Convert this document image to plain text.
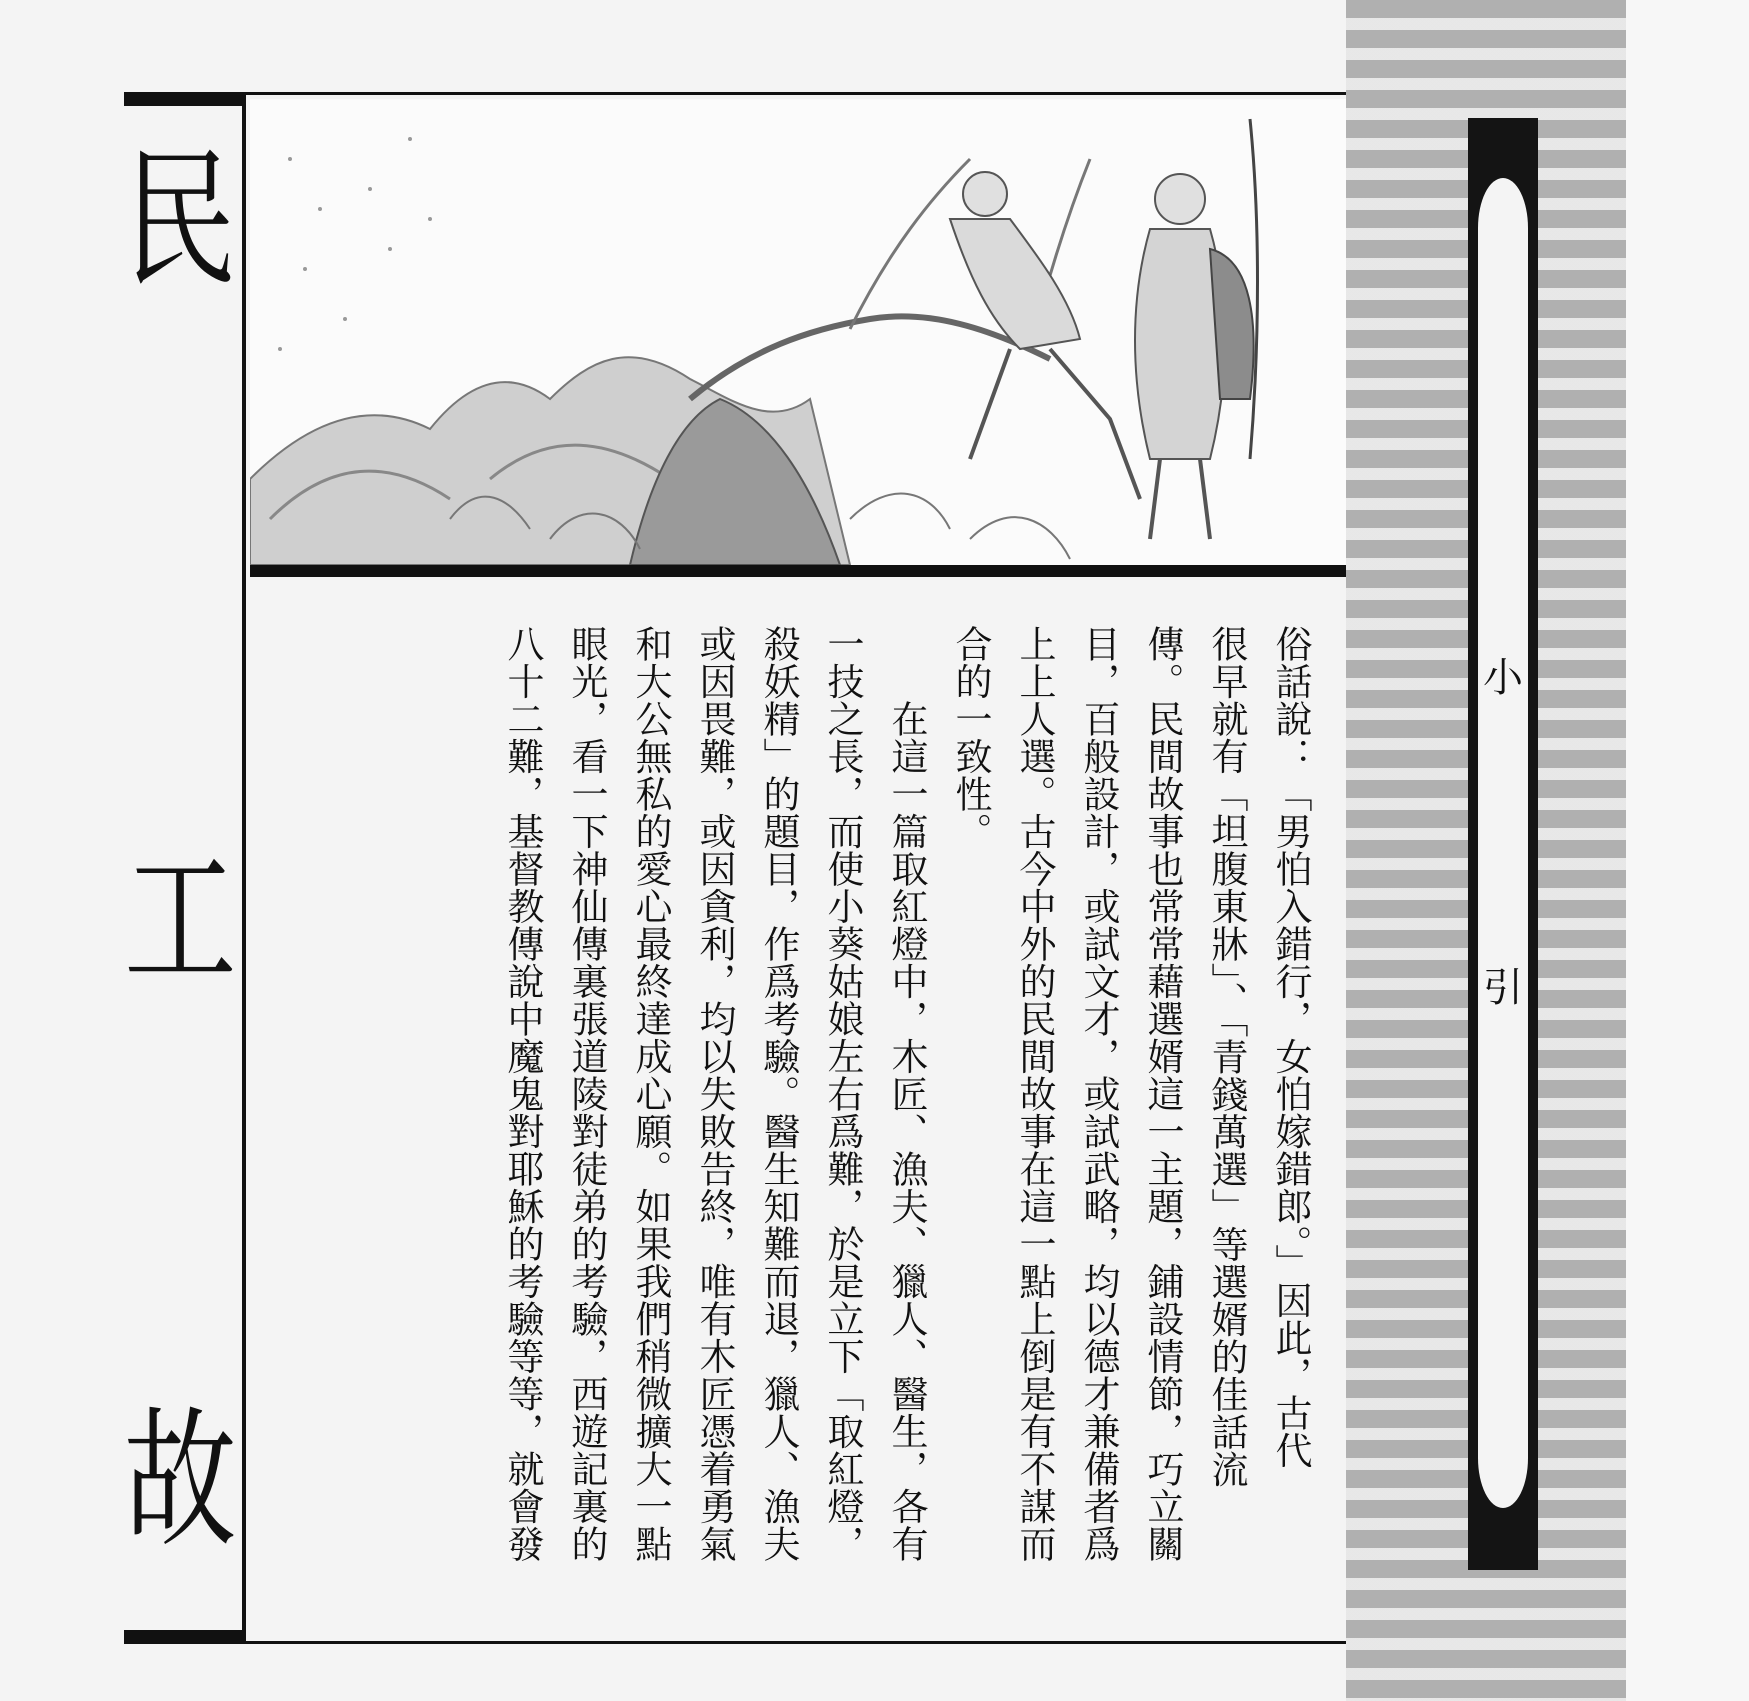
民
工
故
俗話說：「男怕入錯行，女怕嫁錯郎。」因此，古代
很早就有「坦腹東牀」、「青錢萬選」等選婿的佳話流
傳。民間故事也常常藉選婿這一主題，鋪設情節，巧立關
目，百般設計，或試文才，或試武略，均以德才兼備者爲
上上人選。古今中外的民間故事在這一點上倒是有不謀而
合的一致性。
　　在這一篇取紅燈中，木匠、漁夫、獵人、醫生，各有
一技之長，而使小葵姑娘左右爲難，於是立下「取紅燈，
殺妖精」的題目，作爲考驗。醫生知難而退，獵人、漁夫
或因畏難，或因貪利，均以失敗告終，唯有木匠憑着勇氣
和大公無私的愛心最終達成心願。如果我們稍微擴大一點
眼光，看一下神仙傳裏張道陵對徒弟的考驗，西遊記裏的
八十二難，基督教傳說中魔鬼對耶穌的考驗等等，就會發	小
引
